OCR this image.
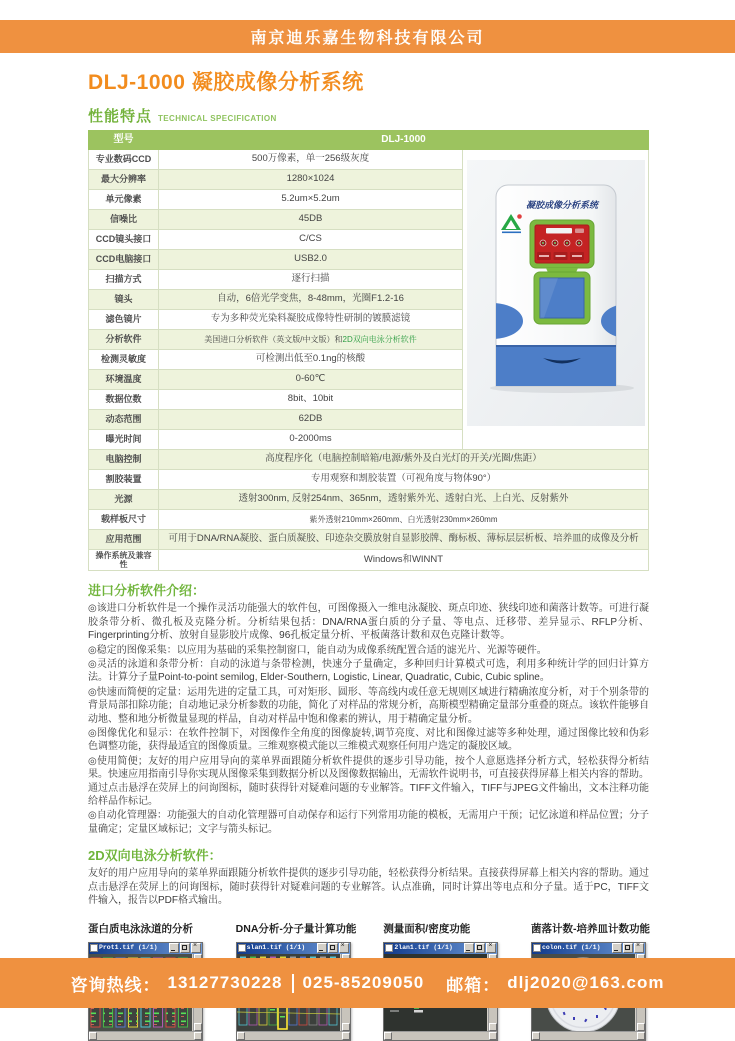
南京迪乐嘉生物科技有限公司
DLJ-1000 凝胶成像分析系统
性能特点 TECHNICAL SPECIFICATION
型号	DLJ-1000	
专业数码CCD	500万像素，单一256级灰度	凝胶成像分析系统

最大分辨率	1280×1024	
单元像素	5.2um×5.2um	
信噪比	45DB	
CCD镜头接口	C/CS	
CCD电脑接口	USB2.0	
扫描方式	逐行扫描	
镜头	自动，6倍光学变焦，8-48mm，光圈F1.2-16	
滤色镜片	专为多种荧光染料凝胶成像特性研制的镀膜滤镜	
分析软件	美国进口分析软件（英文版/中文版）和2D双向电泳分析软件	
检测灵敏度	可检测出低至0.1ng的核酸	
环境温度	0-60℃	
数据位数	8bit、10bit	
动态范围	62DB	
曝光时间	0-2000ms	
电脑控制	高度程序化（电脑控制暗箱/电源/紫外及白光灯的开关/光圈/焦距）	
割胶装置	专用观察和割胶装置（可视角度与物体90°）	
光源	透射300nm, 反射254nm、365nm，透射紫外光、透射白光、上白光、反射紫外	
载样板尺寸	紫外透射210mm×260mm、白光透射230mm×260mm	
应用范围	可用于DNA/RNA凝胶、蛋白质凝胶、印迹杂交膜放射自显影胶牌、酶标板、薄标层层析板、培养皿的成像及分析	
操作系统及兼容性	Windows和WINNT	
进口分析软件介绍：

◎该进口分析软件是一个操作灵活功能强大的软件包，可图像摄入一维电泳凝胶、斑点印迹、狭线印迹和菌落计数等。可进行凝胶条带分析、微孔板及克隆分析。分析结果包括：DNA/RNA蛋白质的分子量、等电点、迁移带、差异显示、RFLP分析、Fingerprinting分析、放射自显影胶片成像、96孔板定量分析、平板菌落计数和双色克隆计数等。

◎稳定的图像采集：以应用为基础的采集控制窗口，能自动为成像系统配置合适的滤光片、光源等硬件。

◎灵活的泳道和条带分析：自动的泳道与条带检测，快速分子量确定，多种回归计算模式可选，利用多种统计学的回归计算方法。计算分子量Point-to-point semilog, Elder-Southern, Logistic, Linear, Quadratic, Cubic, Cubic spline。

◎快速而简便的定量：运用先进的定量工具，可对矩形、圆形、等高线内或任意无规则区域进行精确浓度分析，对于个别条带的背景局部扣除功能；自动地记录分析参数的功能，简化了对样品的常规分析，高斯模型精确定量部分重叠的斑点。该软件能够自动地、整和地分析微量显现的样品，自动对样品中饱和像素的辨认，用于精确定量分析。

◎图像优化和显示：在软件控制下，对图像作全角度的图像旋转,调节亮度、对比和图像过滤等多种处理，通过图像比较和伪彩色调整功能，获得最适宜的图像质量。三维观察模式能以三维模式观察任何用户选定的凝胶区域。

◎使用简便；友好的用户应用导向的菜单界面跟随分析软件提供的逐步引导功能，按个人意愿选择分析方式，轻松获得分析结果。快速应用指南引导你实现从图像采集到数据分析以及图像数据输出，无需软件说明书，可直接获得屏幕上相关内容的帮助。通过点击悬浮在荧屏上的问询图标，随时获得针对疑难问题的专业解答。TIFF文件输入，TIFF与JPEG文件输出，文本注释功能给样品作标记。

◎自动化管理器：功能强大的自动化管理器可自动保存和运行下列常用功能的模板，无需用户干预；记忆泳道和样品位置；分子量确定；定量区域标记；文字与箭头标记。

2D双向电泳分析软件：

友好的用户应用导向的菜单界面跟随分析软件提供的逐步引导功能，轻松获得分析结果。直接获得屏幕上相关内容的帮助。通过点击悬浮在荧屏上的问询图标，随时获得针对疑难问题的专业解答。认点准确，同时计算出等电点和分子量。适于PC，TIFF文件输入，报告以PDF格式输出。

蛋白质电泳泳道的分析
Prot1.tif (1/1)
×
DNA分析-分子量计算功能
slan1.tif (1/1)
×
测量面积/密度功能
2lan1.tif (1/1)
×
菌落计数-培养皿计数功能
colon.tif (1/1)
×
咨询热线： 13127730228 025-85209050 邮箱： dlj2020@163.com
